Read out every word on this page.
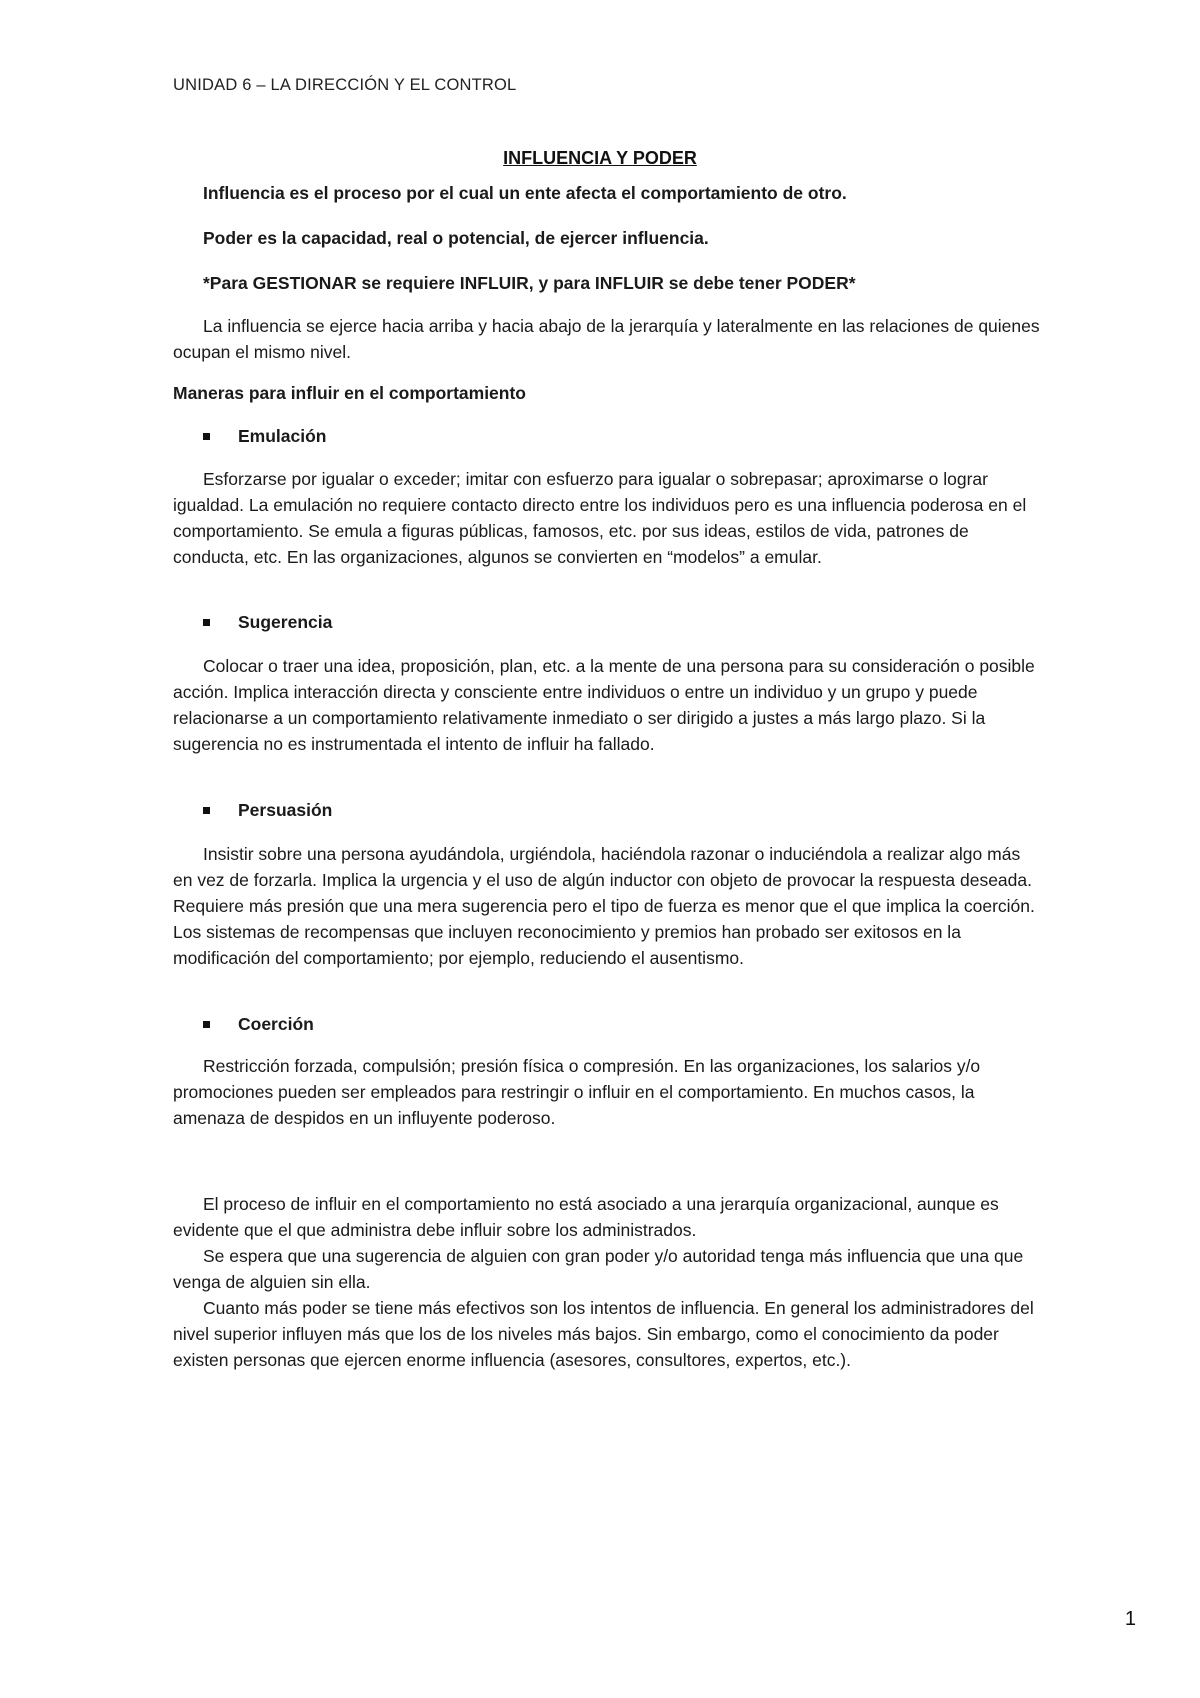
UNIDAD 6 – LA DIRECCIÓN Y EL CONTROL
INFLUENCIA Y PODER

Influencia es el proceso por el cual un ente afecta el comportamiento de otro.

Poder es la capacidad, real o potencial, de ejercer influencia.

*Para GESTIONAR se requiere INFLUIR, y para INFLUIR se debe tener PODER*

La influencia se ejerce hacia arriba y hacia abajo de la jerarquía y lateralmente en las relaciones de quienes ocupan el mismo nivel.

Maneras para influir en el comportamiento

Emulación

Esforzarse por igualar o exceder; imitar con esfuerzo para igualar o sobrepasar; aproximarse o lograr igualdad. La emulación no requiere contacto directo entre los individuos pero es una influencia poderosa en el comportamiento. Se emula a figuras públicas, famosos, etc. por sus ideas, estilos de vida, patrones de conducta, etc. En las organizaciones, algunos se convierten en “modelos” a emular.

Sugerencia

Colocar o traer una idea, proposición, plan, etc. a la mente de una persona para su consideración o posible acción. Implica interacción directa y consciente entre individuos o entre un individuo y un grupo y puede relacionarse a un comportamiento relativamente inmediato o ser dirigido a justes a más largo plazo. Si la sugerencia no es instrumentada el intento de influir ha fallado.

Persuasión

Insistir sobre una persona ayudándola, urgiéndola, haciéndola razonar o induciéndola a realizar algo más en vez de forzarla. Implica la urgencia y el uso de algún inductor con objeto de provocar la respuesta deseada. Requiere más presión que una mera sugerencia pero el tipo de fuerza es menor que el que implica la coerción. Los sistemas de recompensas que incluyen reconocimiento y premios han probado ser exitosos en la modificación del comportamiento; por ejemplo, reduciendo el ausentismo.

Coerción

Restricción forzada, compulsión; presión física o compresión. En las organizaciones, los salarios y/o promociones pueden ser empleados para restringir o influir en el comportamiento. En muchos casos, la amenaza de despidos en un influyente poderoso.

El proceso de influir en el comportamiento no está asociado a una jerarquía organizacional, aunque es evidente que el que administra debe influir sobre los administrados.

Se espera que una sugerencia de alguien con gran poder y/o autoridad tenga más influencia que una que venga de alguien sin ella.

Cuanto más poder se tiene más efectivos son los intentos de influencia. En general los administradores del nivel superior influyen más que los de los niveles más bajos. Sin embargo, como el conocimiento da poder existen personas que ejercen enorme influencia (asesores, consultores, expertos, etc.).

1
